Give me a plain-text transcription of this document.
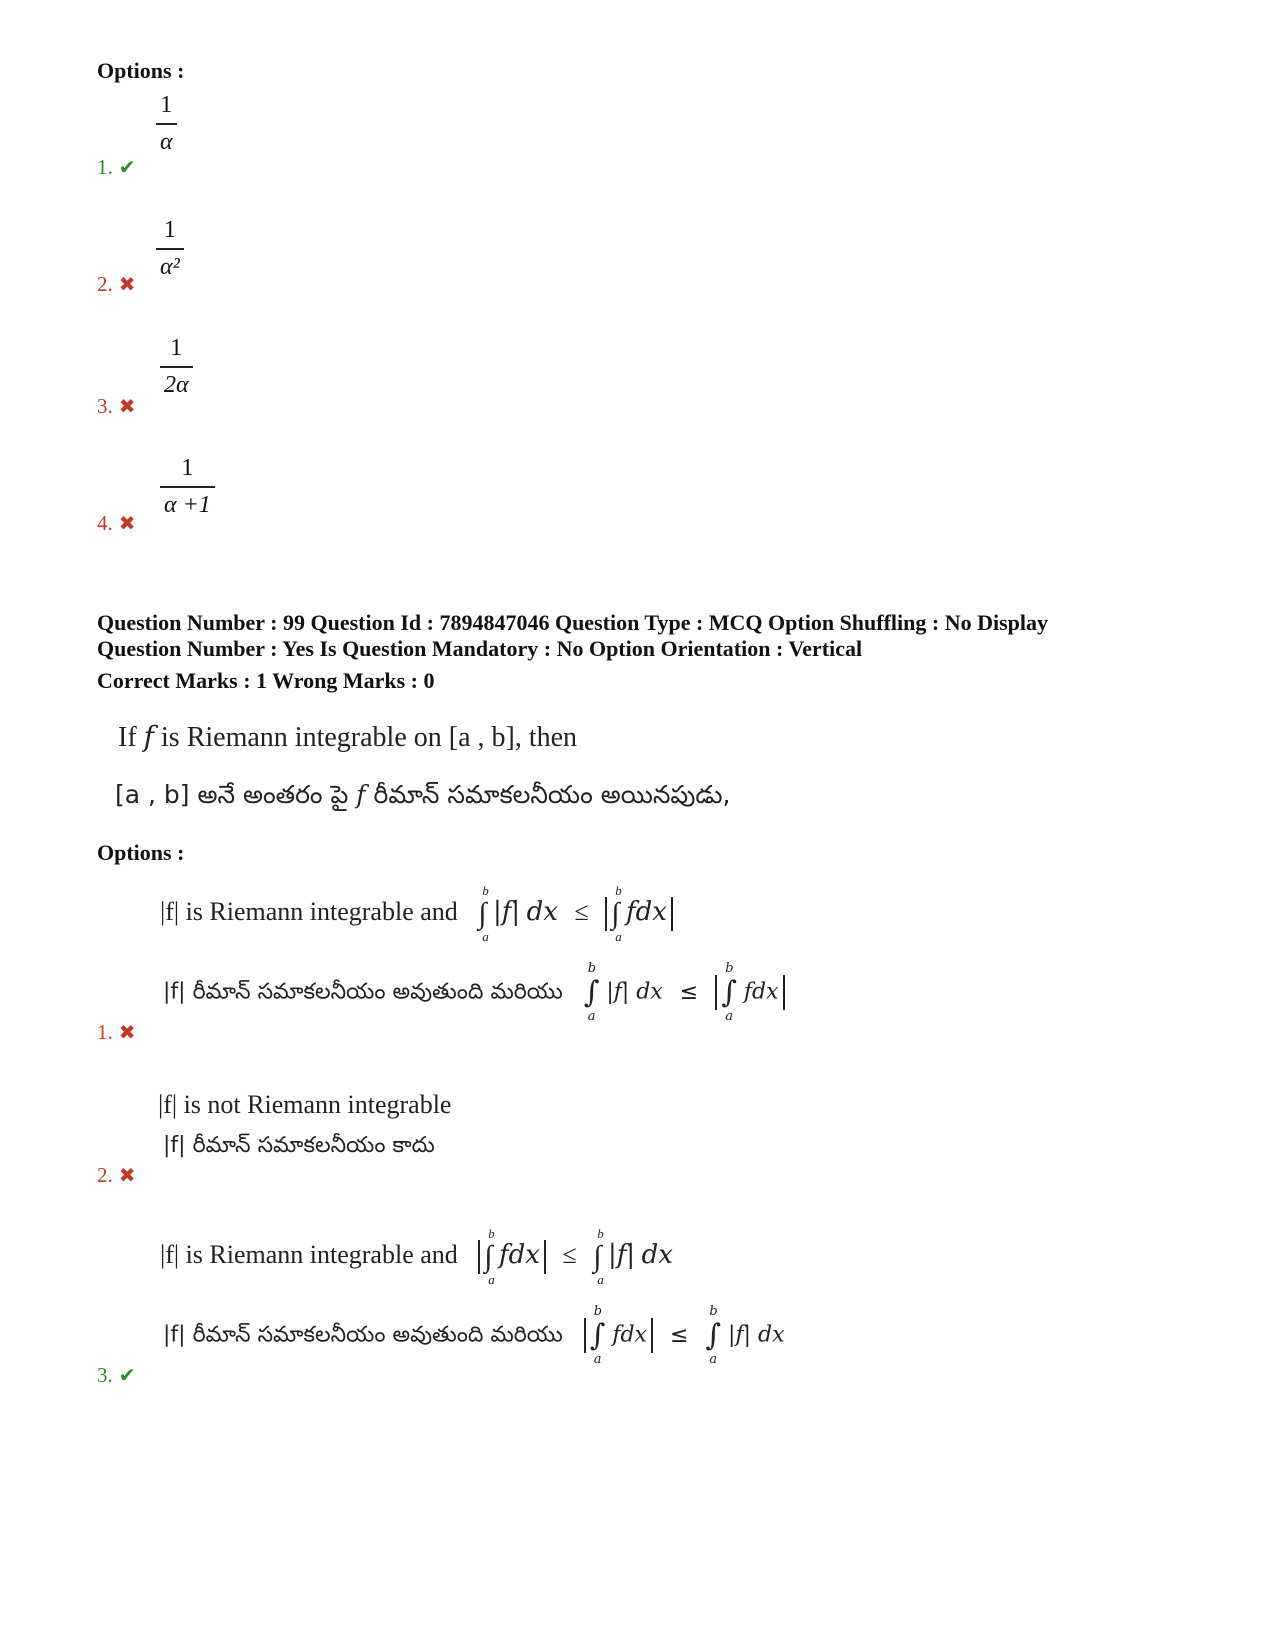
Options :
1
α
1. ✔
1
α²
2. ✖
1
2α
3. ✖
1
α +1
4. ✖
Question Number : 99 Question Id : 7894847046 Question Type : MCQ Option Shuffling : No Display
Question Number : Yes Is Question Mandatory : No Option Orientation : Vertical
Correct Marks : 1 Wrong Marks : 0
If f is Riemann integrable on [a , b], then
[a , b] అనే అంతరం పై f రీమాన్ సమాకలనీయం అయినపుడు,
Options :
|f| is Riemann integrable and ∫
b
a
|f| dx ≤ ∫
b
a
fdx
|f| రీమాన్ సమాకలనీయం అవుతుంది మరియు ∫
b
a
|f| dx ≤ ∫
b
a
fdx
1. ✖
|f| is not Riemann integrable
|f| రీమాన్ సమాకలనీయం కాదు
2. ✖
|f| is Riemann integrable and ∫
b
a
fdx ≤ ∫
b
a
|f| dx
|f| రీమాన్ సమాకలనీయం అవుతుంది మరియు ∫
b
a
fdx ≤ ∫
b
a
|f| dx
3. ✔
